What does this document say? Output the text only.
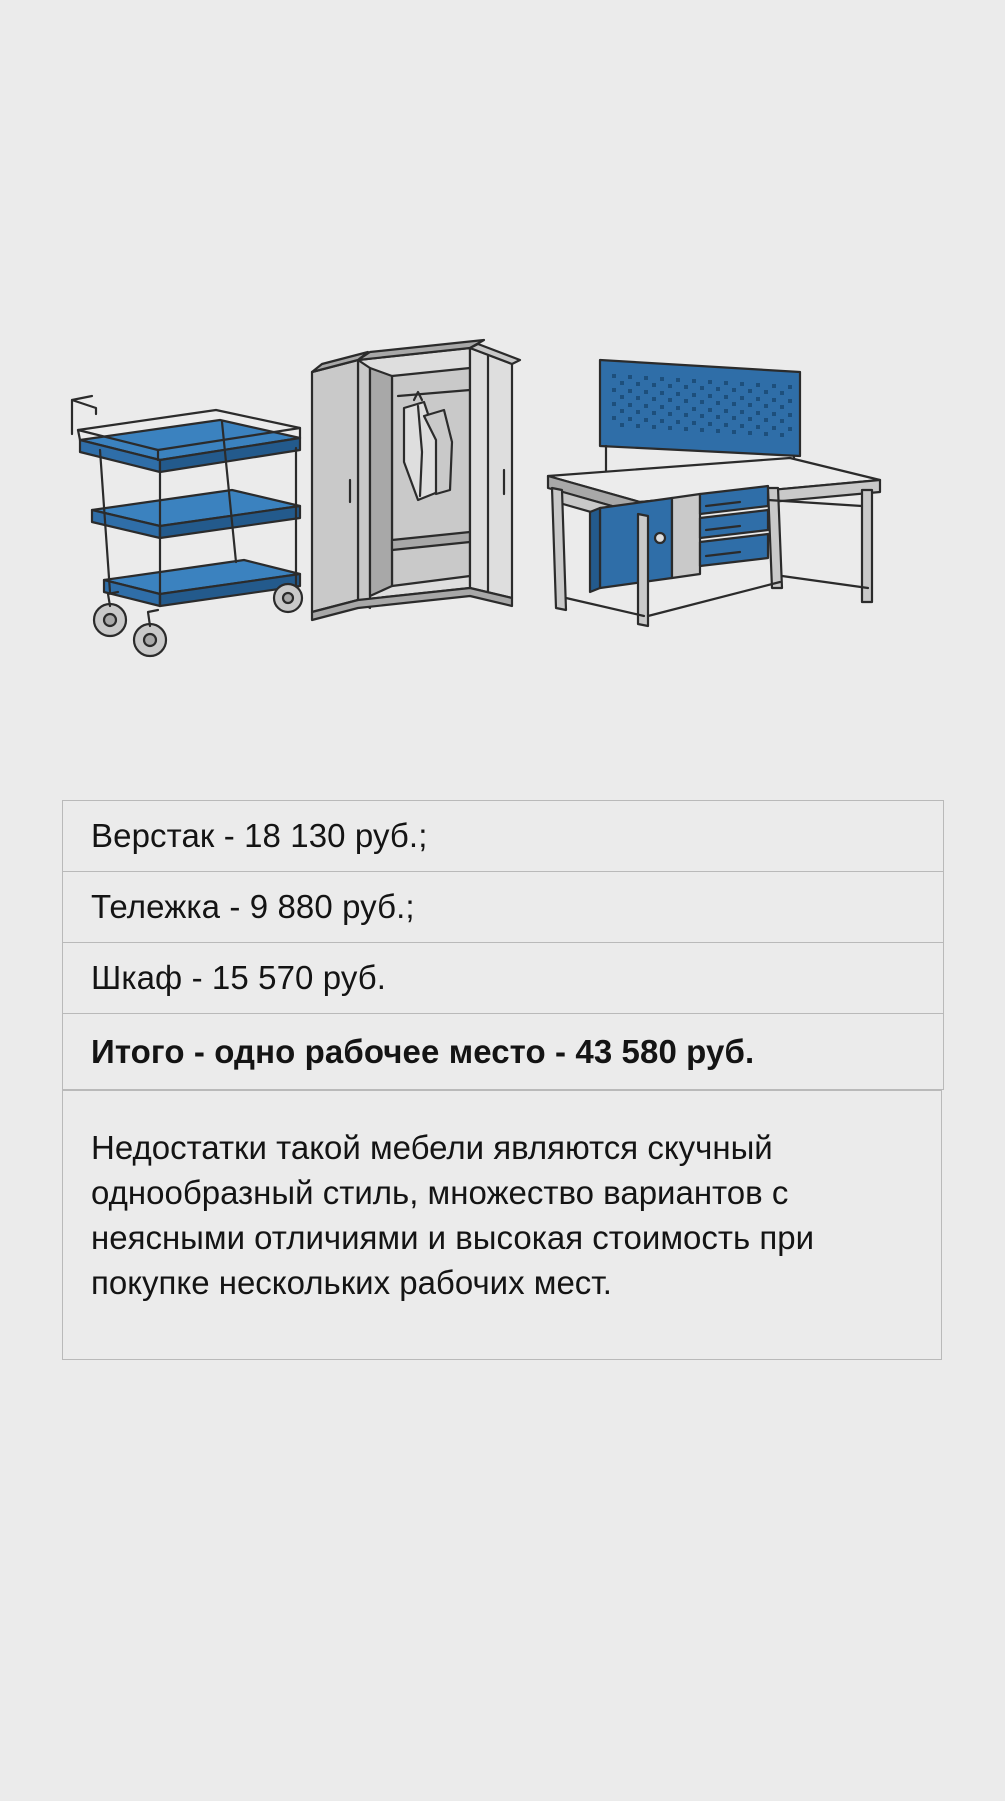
Верстак - 18 130 руб.;
Тележка - 9 880 руб.;
Шкаф - 15 570 руб.
Итого - одно рабочее место - 43 580 руб.
Недостатки такой мебели являются скучный однообразный стиль, множество вариантов с неясными отличиями и высокая стоимость при покупке нескольких рабочих мест.
